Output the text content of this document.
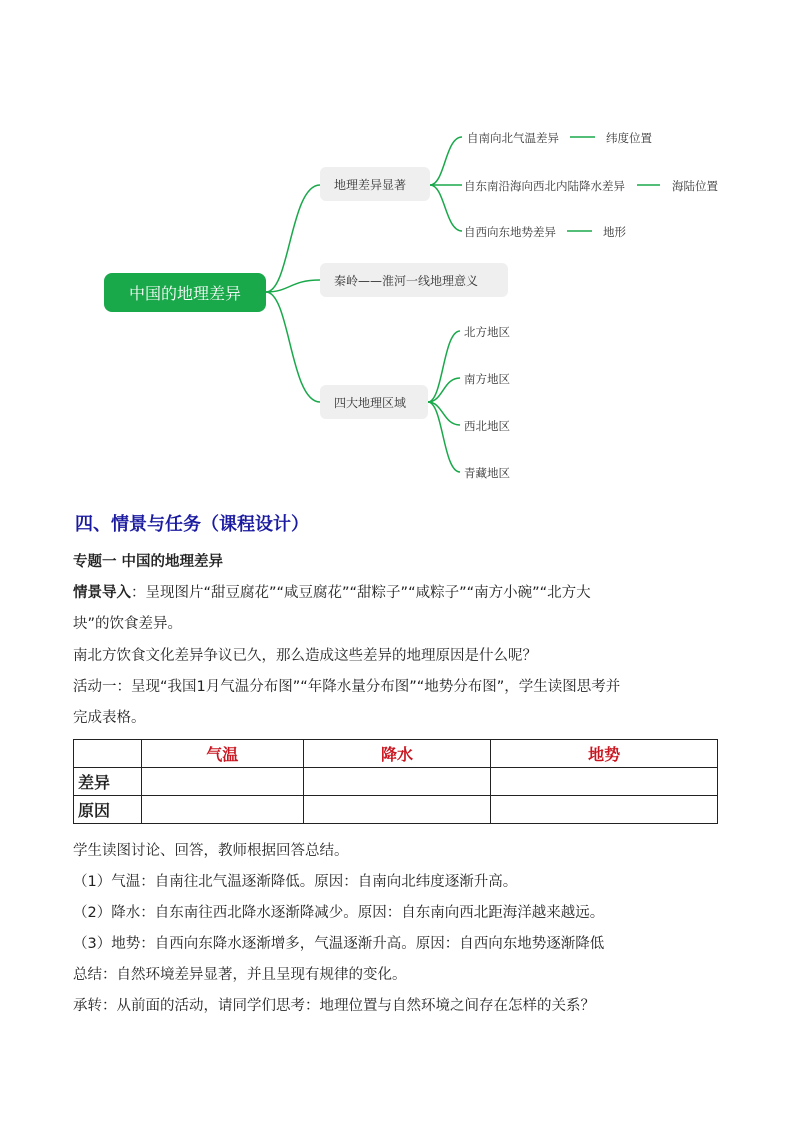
中国的地理差异
地理差异显著
秦岭——淮河一线地理意义
四大地理区域
自南向北气温差异	纬度位置
自东南沿海向西北内陆降水差异	海陆位置
自西向东地势差异	地形
北方地区
南方地区
西北地区
青藏地区
四、情景与任务（课程设计）
专题一 中国的地理差异
情景导入：呈现图片“甜豆腐花”“咸豆腐花”“甜粽子”“咸粽子”“南方小碗”“北方大
块”的饮食差异。
南北方饮食文化差异争议已久，那么造成这些差异的地理原因是什么呢？
活动一：呈现“我国1月气温分布图”“年降水量分布图”“地势分布图”，学生读图思考并
完成表格。
	气温	降水	地势
差异			
原因			
学生读图讨论、回答，教师根据回答总结。
（1）气温：自南往北气温逐渐降低。原因：自南向北纬度逐渐升高。
（2）降水：自东南往西北降水逐渐降减少。原因：自东南向西北距海洋越来越远。
（3）地势：自西向东降水逐渐增多，气温逐渐升高。原因：自西向东地势逐渐降低
总结：自然环境差异显著，并且呈现有规律的变化。
承转：从前面的活动，请同学们思考：地理位置与自然环境之间存在怎样的关系？
